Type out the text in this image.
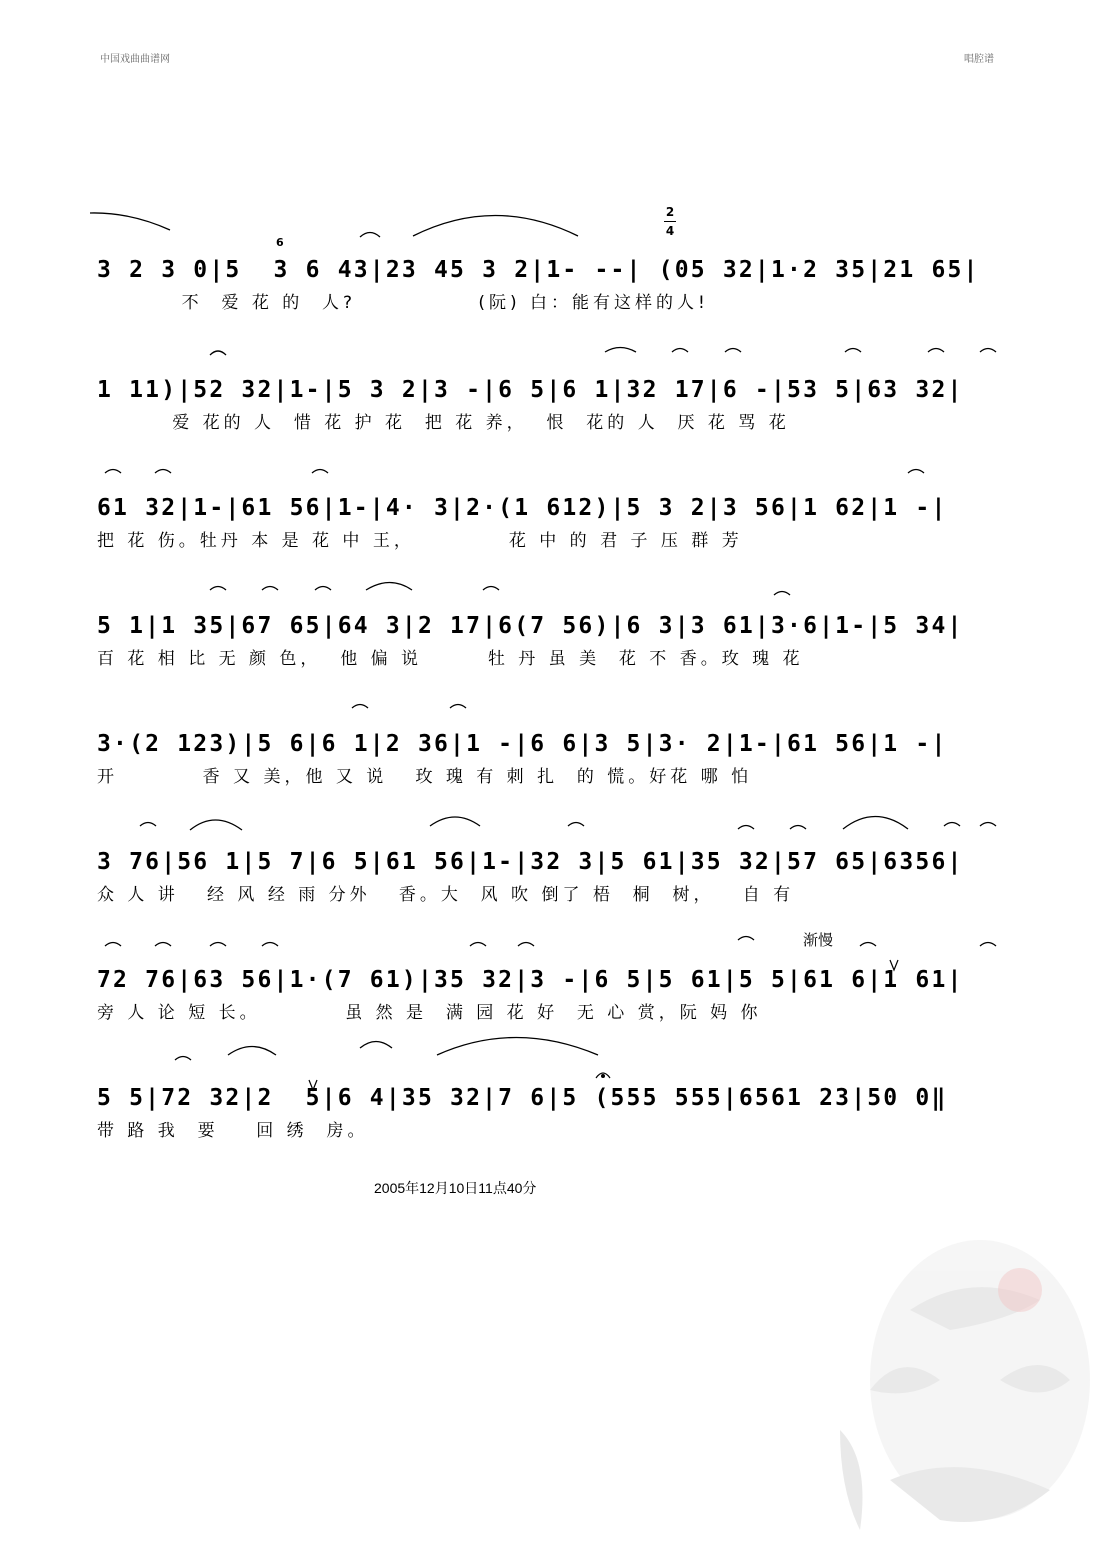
中国戏曲曲谱网	唱腔谱
2
4
6
渐慢
3 2 3 0|5  3 6 43|23 45 3 2|1- --| (05 32|1·2 35|21 65|
不  爱 花 的  人?             (阮) 白：能有这样的人!
1 11)|52 32|1-|5 3 2|3 -|6 5|6 1|32 17|6 -|53 5|63 32|
爱 花的 人  惜 花 护 花  把 花 养，  恨  花的 人  厌 花 骂 花
61 32|1-|61 56|1-|4· 3|2·(1 612)|5 3 2|3 56|1 62|1 -|
把 花 伤。牡丹 本 是 花 中 王，          花 中 的 君 子 压 群 芳
5 1|1 35|67 65|64 3|2 17|6(7 56)|6 3|3 61|3·6|1-|5 34|
百 花 相 比 无 颜 色，  他 偏 说       牡 丹 虽 美  花 不 香。玫 瑰 花
3·(2 123)|5 6|6 1|2 36|1 -|6 6|3 5|3· 2|1-|61 56|1 -|
开         香 又 美，他 又 说   玫 瑰 有 刺 扎  的 慌。好花 哪 怕
3 76|56 1|5 7|6 5|61 56|1-|32 3|5 61|35 32|57 65|6356|
众 人 讲   经 风 经 雨 分外   香。大  风 吹 倒了 梧  桐  树，   自 有
72 76|63 56|1·(7 61)|35 32|3 -|6 5|5 61|5 5|61 6|1 61|
旁 人 论 短 长。         虽 然 是  满 园 花 好  无 心 赏，阮 妈 你
5 5|72 32|2  5|6 4|35 32|7 6|5 (555 555|6561 23|50 0‖
带 路 我  要    回 绣  房。
2005年12月10日11点40分
